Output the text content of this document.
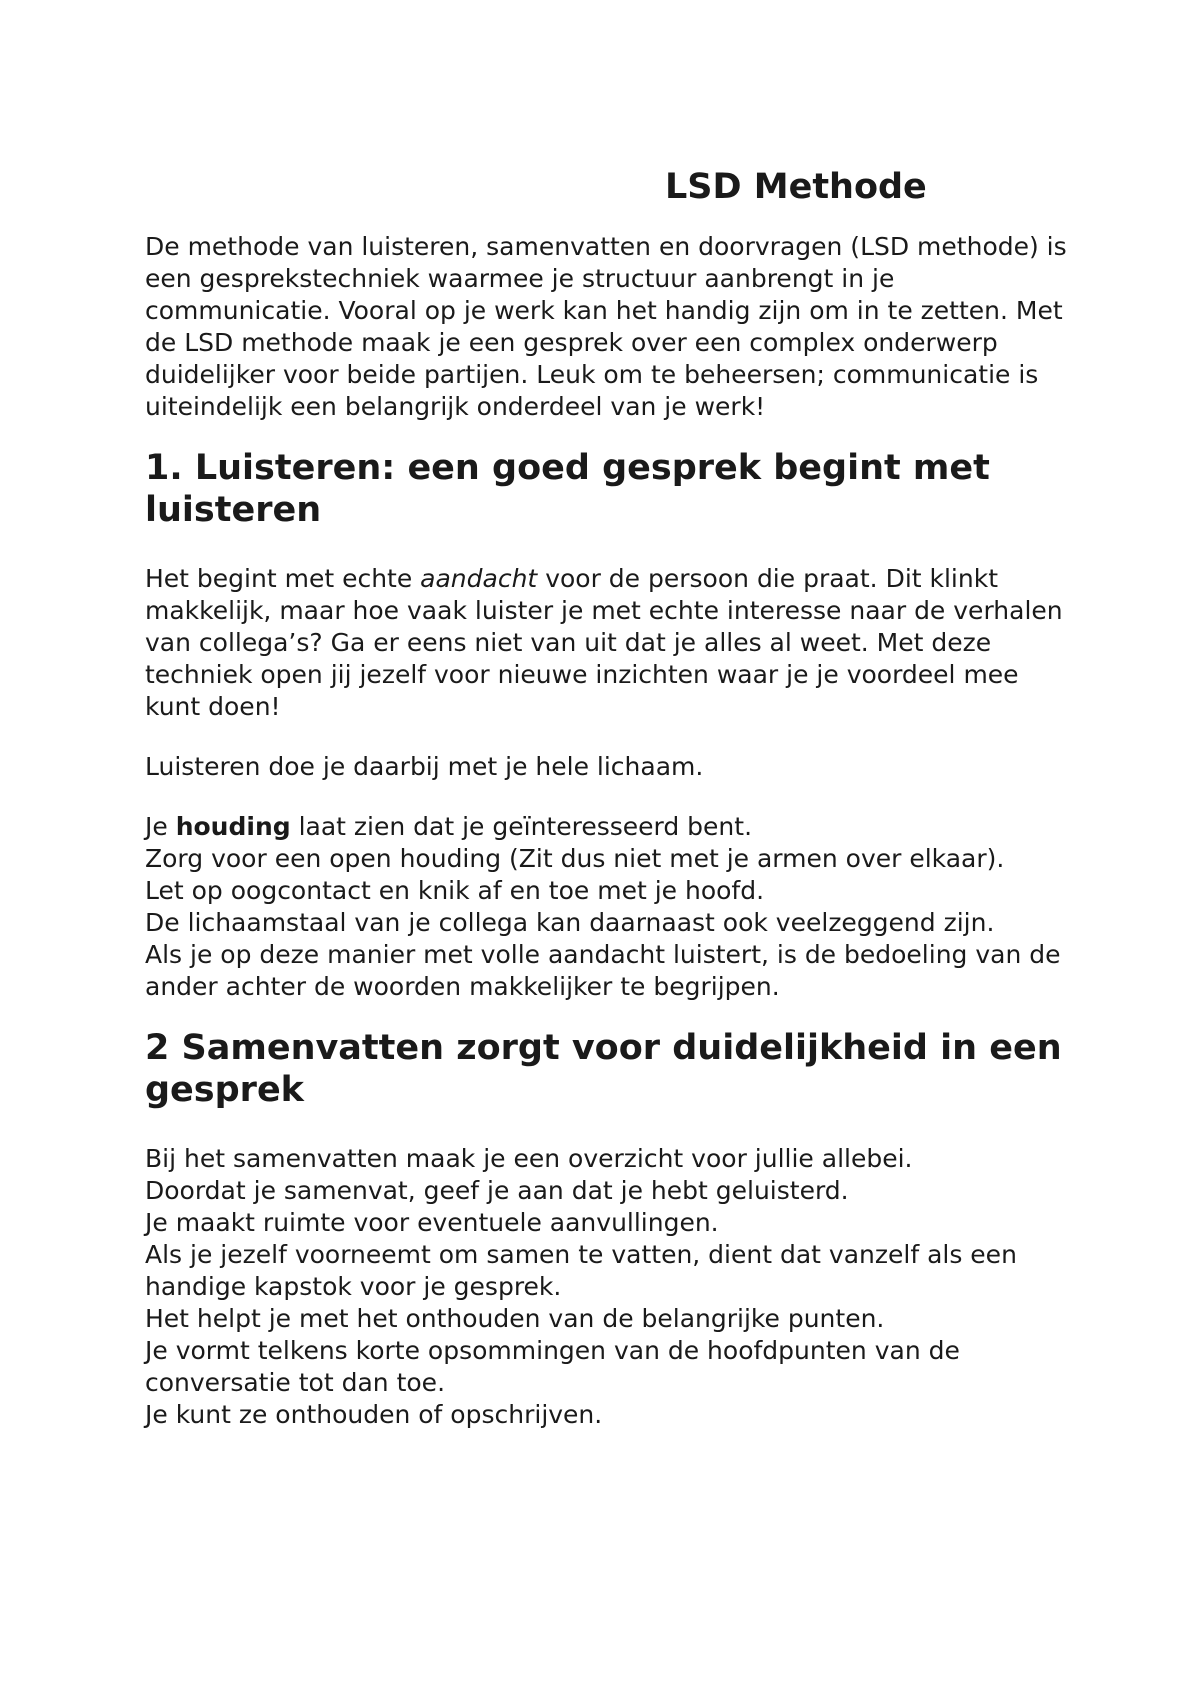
LSD Methode

De methode van luisteren, samenvatten en doorvragen (LSD methode) is een gesprekstechniek waarmee je structuur aanbrengt in je communicatie. Vooral op je werk kan het handig zijn om in te zetten. Met de LSD methode maak je een gesprek over een complex onderwerp duidelijker voor beide partijen. Leuk om te beheersen; communicatie is uiteindelijk een belangrijk onderdeel van je werk!

1. Luisteren: een goed gesprek begint met luisteren

Het begint met echte aandacht voor de persoon die praat. Dit klinkt makkelijk, maar hoe vaak luister je met echte interesse naar de verhalen van collega’s? Ga er eens niet van uit dat je alles al weet. Met deze techniek open jij jezelf voor nieuwe inzichten waar je je voordeel mee kunt doen!

Luisteren doe je daarbij met je hele lichaam.

Je houding laat zien dat je geïnteresseerd bent.

Zorg voor een open houding (Zit dus niet met je armen over elkaar).

Let op oogcontact en knik af en toe met je hoofd.

De lichaamstaal van je collega kan daarnaast ook veelzeggend zijn.

Als je op deze manier met volle aandacht luistert, is de bedoeling van de ander achter de woorden makkelijker te begrijpen.

2 Samenvatten zorgt voor duidelijkheid in een gesprek

Bij het samenvatten maak je een overzicht voor jullie allebei.

Doordat je samenvat, geef je aan dat je hebt geluisterd.

Je maakt ruimte voor eventuele aanvullingen.

Als je jezelf voorneemt om samen te vatten, dient dat vanzelf als een handige kapstok voor je gesprek.

Het helpt je met het onthouden van de belangrijke punten.

Je vormt telkens korte opsommingen van de hoofdpunten van de conversatie tot dan toe.

Je kunt ze onthouden of opschrijven.
